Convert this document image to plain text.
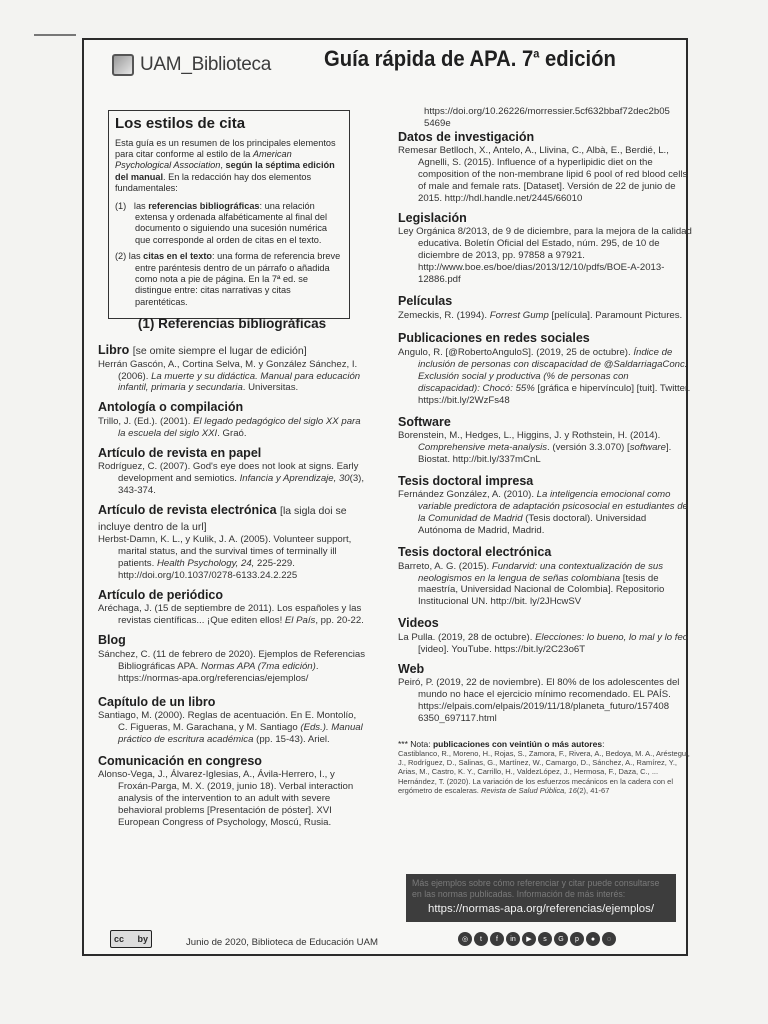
UAM_Biblioteca Guía rápida de APA. 7$^a$ edición
Los estilos de cita

Esta guía es un resumen de los principales elementos para citar conforme al estilo de la American Psychological Association, según la séptima edición del manual. En la redacción hay dos elementos fundamentales:

(1) las referencias bibliográficas: una relación extensa y ordenada alfabéticamente al final del documento o siguiendo una sucesión numérica que corresponde al orden de citas en el texto.
(2) las citas en el texto: una forma de referencia breve entre paréntesis dentro de un párrafo o añadida como nota a pie de página. En la 7ª ed. se distingue entre: citas narrativas y citas parentéticas.
(1) Referencias bibliográficas
Libro [se omite siempre el lugar de edición]
Herrán Gascón, A., Cortina Selva, M. y González Sánchez, I. (2006). La muerte y su didáctica. Manual para educación infantil, primaria y secundaria. Universitas.
Antología o compilación
Trillo, J. (Ed.). (2001). El legado pedagógico del siglo XX para la escuela del siglo XXI. Graó.
Artículo de revista en papel
Rodríguez, C. (2007). God's eye does not look at signs. Early development and semiotics. Infancia y Aprendizaje, 30(3), 343-374.
Artículo de revista electrónica [la sigla doi se incluye dentro de la url]
Herbst-Damn, K. L., y Kulik, J. A. (2005). Volunteer support, marital status, and the survival times of terminally ill patients. Health Psychology, 24, 225-229. http://doi.org/10.1037/0278-6133.24.2.225
Artículo de periódico
Aréchaga, J. (15 de septiembre de 2011). Los españoles y las revistas científicas... ¡Que editen ellos! El País, pp. 20-22.
Blog
Sánchez, C. (11 de febrero de 2020). Ejemplos de Referencias Bibliográficas APA. Normas APA (7ma edición). https://normas-apa.org/referencias/ejemplos/
Capítulo de un libro
Santiago, M. (2000). Reglas de acentuación. En E. Montolío, C. Figueras, M. Garachana, y M. Santiago (Eds.). Manual práctico de escritura académica (pp. 15-43). Ariel.
Comunicación en congreso
Alonso-Vega, J., Álvarez-Iglesias, A., Ávila-Herrero, I., y Froxán-Parga, M. X. (2019, junio 18). Verbal interaction analysis of the intervention to an adult with severe behavioral problems [Presentación de póster]. XVI European Congress of Psychology, Moscú, Rusia.
https://doi.org/10.26226/morressier.5cf632bbaf72dec2b05 5469e
Datos de investigación
Remesar Betlloch, X., Antelo, A., Llivina, C., Albà, E., Berdié, L., Agnelli, S. (2015). Influence of a hyperlipidic diet on the composition of the non-membrane lipid 6 pool of red blood cells of male and female rats. [Dataset]. Versión de 22 de junio de 2015. http://hdl.handle.net/2445/66010
Legislación
Ley Orgánica 8/2013, de 9 de diciembre, para la mejora de la calidad educativa. Boletín Oficial del Estado, núm. 295, de 10 de diciembre de 2013, pp. 97858 a 97921. http://www.boe.es/boe/dias/2013/12/10/pdfs/BOE-A-2013-12886.pdf
Películas
Zemeckis, R. (1994). Forrest Gump [película]. Paramount Pictures.
Publicaciones en redes sociales
Angulo, R. [@RobertoAnguloS]. (2019, 25 de octubre). Índice de inclusión de personas con discapacidad de @SaldarriagaConc. Exclusión social y productiva (% de personas con discapacidad): Chocó: 55% [gráfica e hipervínculo] [tuit]. Twitter. https://bit.ly/2WzFs48
Software
Borenstein, M., Hedges, L., Higgins, J. y Rothstein, H. (2014). Comprehensive meta-analysis. (versión 3.3.070) [software]. Biostat. http://bit.ly/337mCnL
Tesis doctoral impresa
Fernández González, A. (2010). La inteligencia emocional como variable predictora de adaptación psicosocial en estudiantes de la Comunidad de Madrid (Tesis doctoral). Universidad Autónoma de Madrid, Madrid.
Tesis doctoral electrónica
Barreto, A. G. (2015). Fundarvid: una contextualización de sus neologismos en la lengua de señas colombiana [tesis de maestría, Universidad Nacional de Colombia]. Repositorio Institucional UN. http://bit. ly/2JHcwSV
Videos
La Pulla. (2019, 28 de octubre). Elecciones: lo bueno, lo mal y lo feo [video]. YouTube. https://bit.ly/2C23o6T
Web
Peiró, P. (2019, 22 de noviembre). El 80% de los adolescentes del mundo no hace el ejercicio mínimo recomendado. EL PAÍS. https://elpais.com/elpais/2019/11/18/planeta_futuro/157408 6350_697117.html
*** Nota: publicaciones con veintiún o más autores:
Castiblanco, R., Moreno, H., Rojas, S., Zamora, F., Rivera, A., Bedoya, M. A., Aréstegui, J., Rodríguez, D., Salinas, G., Martínez, W., Camargo, D., Sánchez, A., Ramírez, Y., Arias, M., Castro, K. Y., Carrillo, H., ValdezLópez, J., Hermosa, F., Daza, C., ... Hernández, T. (2020). La variación de los esfuerzos mecánicos en la cadera con el ergómetro de escaleras. Revista de Salud Pública, 16(2), 41-67
Más ejemplos sobre cómo referenciar y citar puede consultarse en las normas publicadas. Información de más interés:
https://normas-apa.org/referencias/ejemplos/
cc by	Junio de 2020, Biblioteca de Educación UAM	◎	t	f	in	▶	s	G	p	●	◌
